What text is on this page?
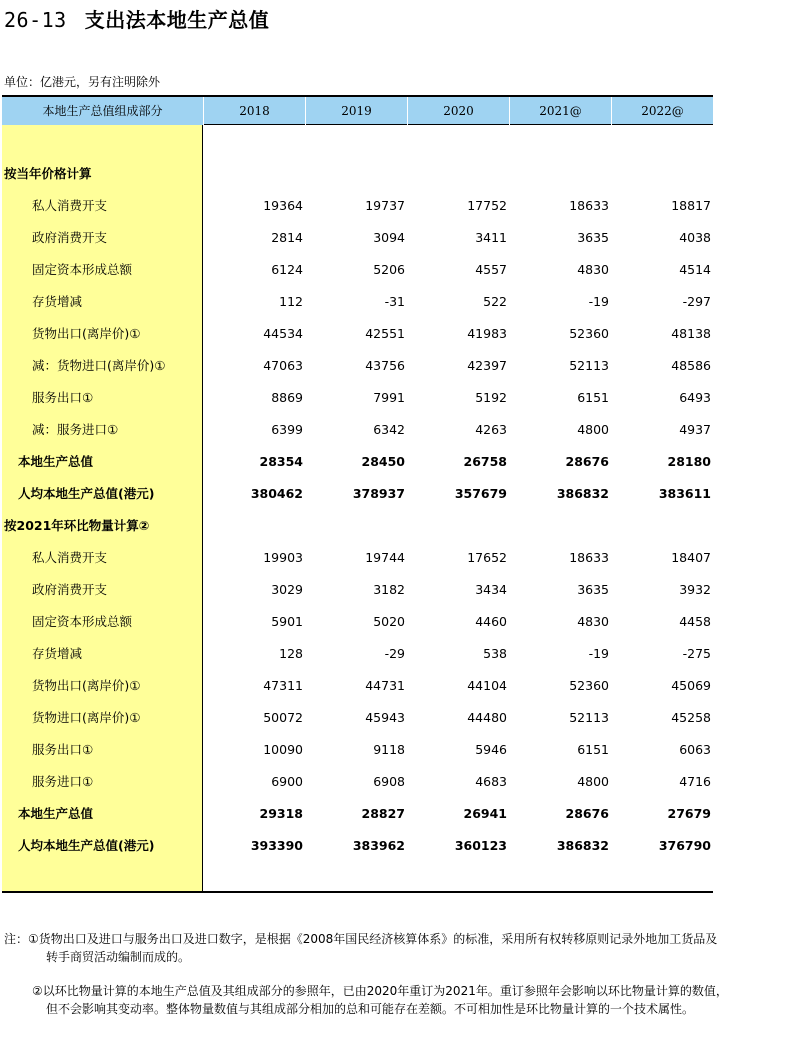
26-13 支出法本地生产总值
单位：亿港元，另有注明除外
本地生产总值组成部分	2018	2019	2020	2021@	2022@
按当年价格计算
私人消费开支	19364	19737	17752	18633	18817
政府消费开支	2814	3094	3411	3635	4038
固定资本形成总额	6124	5206	4557	4830	4514
存货增减	112	-31	522	-19	-297
货物出口(离岸价)①	44534	42551	41983	52360	48138
减：货物进口(离岸价)①	47063	43756	42397	52113	48586
服务出口①	8869	7991	5192	6151	6493
减：服务进口①	6399	6342	4263	4800	4937
本地生产总值	28354	28450	26758	28676	28180
人均本地生产总值(港元)	380462	378937	357679	386832	383611
按2021年环比物量计算②
私人消费开支	19903	19744	17652	18633	18407
政府消费开支	3029	3182	3434	3635	3932
固定资本形成总额	5901	5020	4460	4830	4458
存货增减	128	-29	538	-19	-275
货物出口(离岸价)①	47311	44731	44104	52360	45069
货物进口(离岸价)①	50072	45943	44480	52113	45258
服务出口①	10090	9118	5946	6151	6063
服务进口①	6900	6908	4683	4800	4716
本地生产总值	29318	28827	26941	28676	27679
人均本地生产总值(港元)	393390	383962	360123	386832	376790

注：①货物出口及进口与服务出口及进口数字，是根据《2008年国民经济核算体系》的标准，采用所有权转移原则记录外地加工货品及

转手商贸活动编制而成的。

②以环比物量计算的本地生产总值及其组成部分的参照年，已由2020年重订为2021年。重订参照年会影响以环比物量计算的数值，

但不会影响其变动率。整体物量数值与其组成部分相加的总和可能存在差额。不可相加性是环比物量计算的一个技术属性。
